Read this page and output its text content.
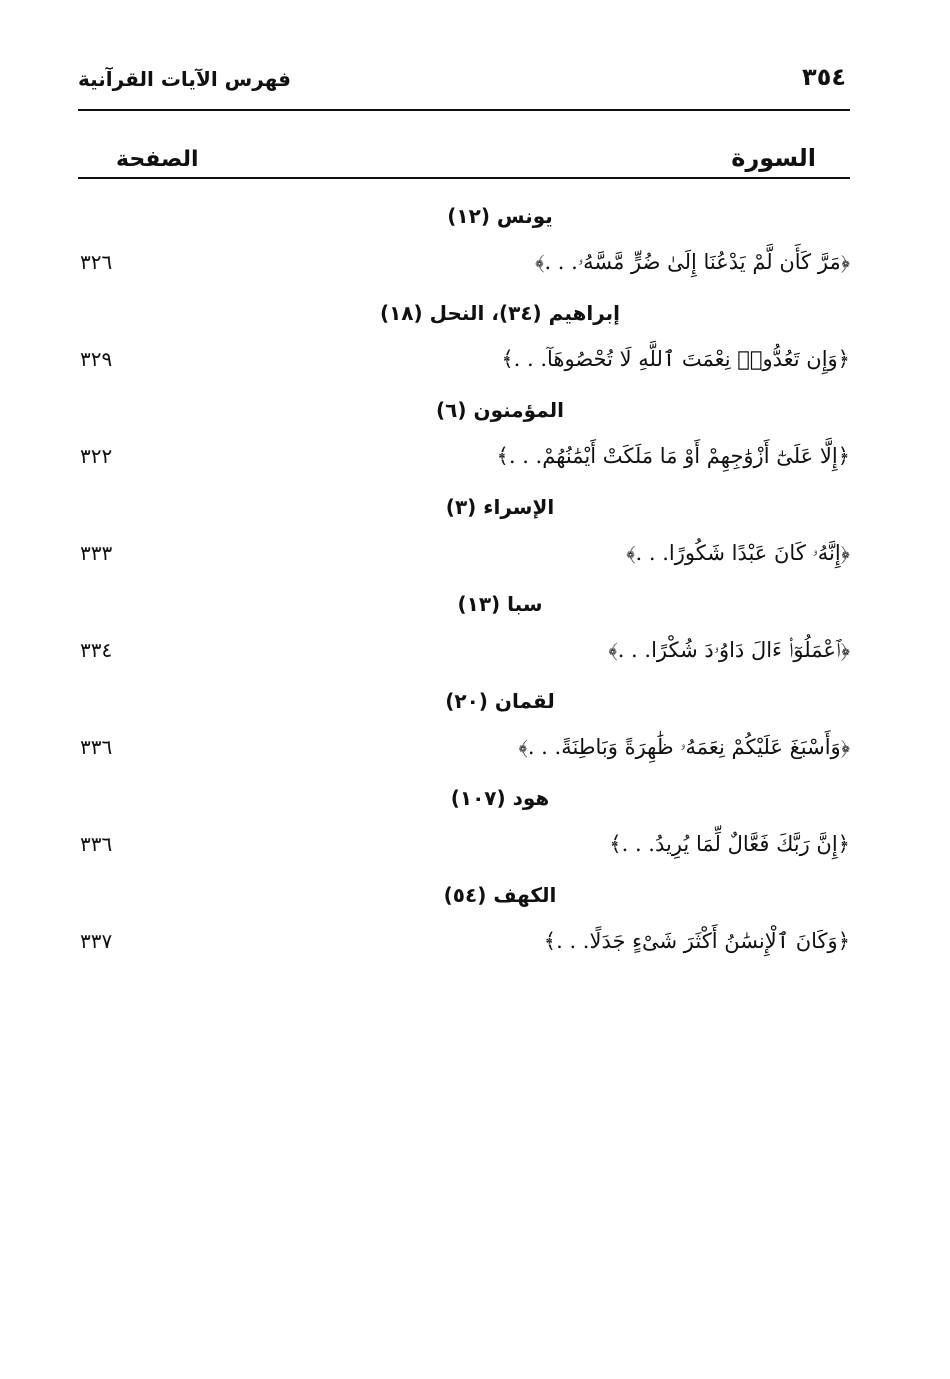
٣٥٤
فهرس الآيات القرآنية
السورة
الصفحة
يونس (١٢)
﴿مَرَّ كَأَن لَّمْ يَدْعُنَا إِلَىٰ ضُرٍّ مَّسَّهُۥ. . .﴾
٣٢٦
إبراهيم (٣٤)، النحل (١٨)
﴿وَإِن تَعُدُّوا۟ نِعْمَتَ ٱللَّهِ لَا تُحْصُوهَآ. . .﴾
٣٢٩
المؤمنون (٦)
﴿إِلَّا عَلَىٰٓ أَزْوَٰجِهِمْ أَوْ مَا مَلَكَتْ أَيْمَٰنُهُمْ. . .﴾
٣٢٢
الإسراء (٣)
﴿إِنَّهُۥ كَانَ عَبْدًا شَكُورًا. . .﴾
٣٣٣
سبا (١٣)
﴿ٱعْمَلُوٓا۟ ءَالَ دَاوُۥدَ شُكْرًا. . .﴾
٣٣٤
لقمان (٢٠)
﴿وَأَسْبَغَ عَلَيْكُمْ نِعَمَهُۥ ظَٰهِرَةً وَبَاطِنَةً. . .﴾
٣٣٦
هود (١٠٧)
﴿إِنَّ رَبَّكَ فَعَّالٌ لِّمَا يُرِيدُ. . .﴾
٣٣٦
الكهف (٥٤)
﴿وَكَانَ ٱلْإِنسَٰنُ أَكْثَرَ شَىْءٍ جَدَلًا. . .﴾
٣٣٧
